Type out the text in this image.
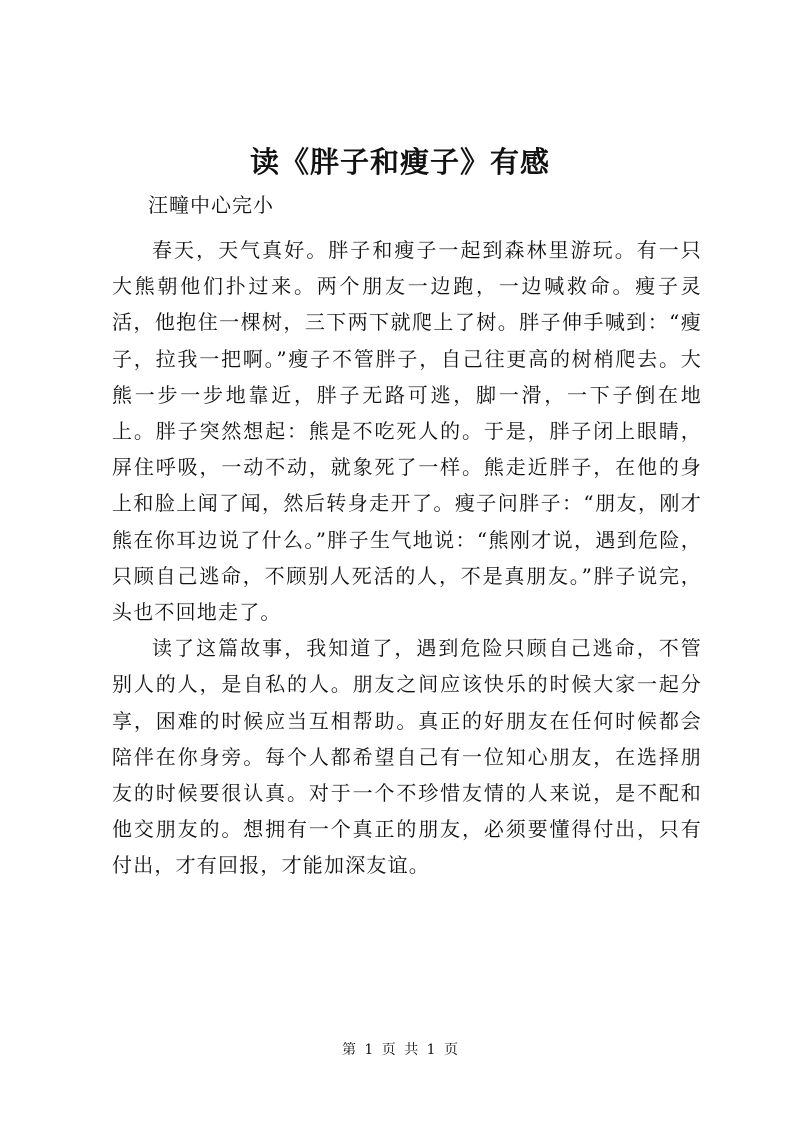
读《胖子和瘦子》有感
汪疃中心完小

春天，天气真好。胖子和瘦子一起到森林里游玩。有一只大熊朝他们扑过来。两个朋友一边跑，一边喊救命。瘦子灵活，他抱住一棵树，三下两下就爬上了树。胖子伸手喊到：“瘦子，拉我一把啊。”瘦子不管胖子，自己往更高的树梢爬去。大熊一步一步地靠近，胖子无路可逃，脚一滑，一下子倒在地上。胖子突然想起：熊是不吃死人的。于是，胖子闭上眼睛，屏住呼吸，一动不动，就象死了一样。熊走近胖子，在他的身上和脸上闻了闻，然后转身走开了。瘦子问胖子：“朋友，刚才熊在你耳边说了什么。”胖子生气地说：“熊刚才说，遇到危险，只顾自己逃命，不顾别人死活的人，不是真朋友。”胖子说完，头也不回地走了。

读了这篇故事，我知道了，遇到危险只顾自己逃命，不管别人的人，是自私的人。朋友之间应该快乐的时候大家一起分享，困难的时候应当互相帮助。真正的好朋友在任何时候都会陪伴在你身旁。每个人都希望自己有一位知心朋友，在选择朋友的时候要很认真。对于一个不珍惜友情的人来说，是不配和他交朋友的。想拥有一个真正的朋友，必须要懂得付出，只有付出，才有回报，才能加深友谊。

第 1 页 共 1 页
